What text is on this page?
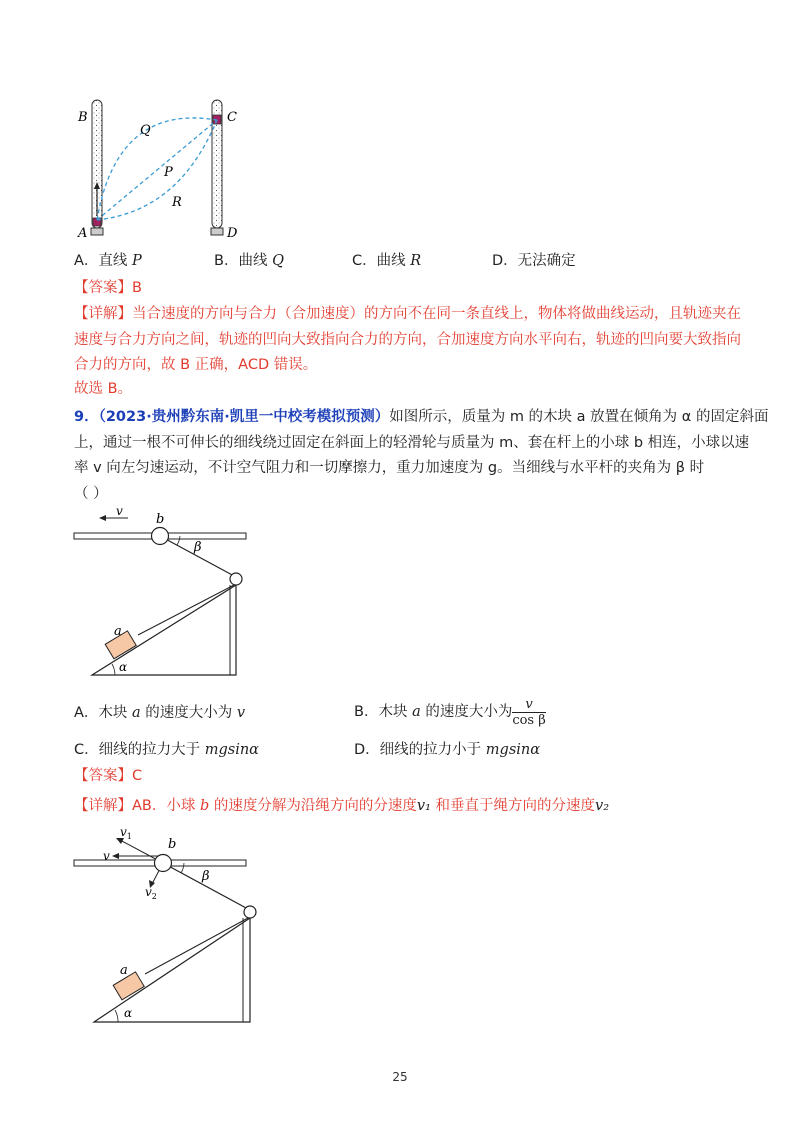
B	C
A	D
Q
P
R
A．直线 P	B．曲线 Q	C．曲线 R	D．无法确定
【答案】B
【详解】当合速度的方向与合力（合加速度）的方向不在同一条直线上，物体将做曲线运动，且轨迹夹在
速度与合力方向之间，轨迹的凹向大致指向合力的方向，合加速度方向水平向右，轨迹的凹向要大致指向
合力的方向，故 B 正确，ACD 错误。
故选 B。
9．（2023·贵州黔东南·凯里一中校考模拟预测）如图所示，质量为 m 的木块 a 放置在倾角为 α 的固定斜面
上，通过一根不可伸长的细线绕过固定在斜面上的轻滑轮与质量为 m、套在杆上的小球 b 相连，小球以速
率 v 向左匀速运动，不计空气阻力和一切摩擦力，重力加速度为 g。当细线与水平杆的夹角为 β 时
（ ）
v
b
β
a
α
A．木块 a 的速度大小为 v	B．木块 a 的速度大小为 $\frac{v}{\text{cos β}}$
C．细线的拉力大于 mgsinα	D．细线的拉力小于 mgsinα
【答案】C
【详解】AB．小球 b 的速度分解为沿绳方向的分速度v₁ 和垂直于绳方向的分速度v₂
$v_1$
v
$v_2$
b
β
a
α
25
